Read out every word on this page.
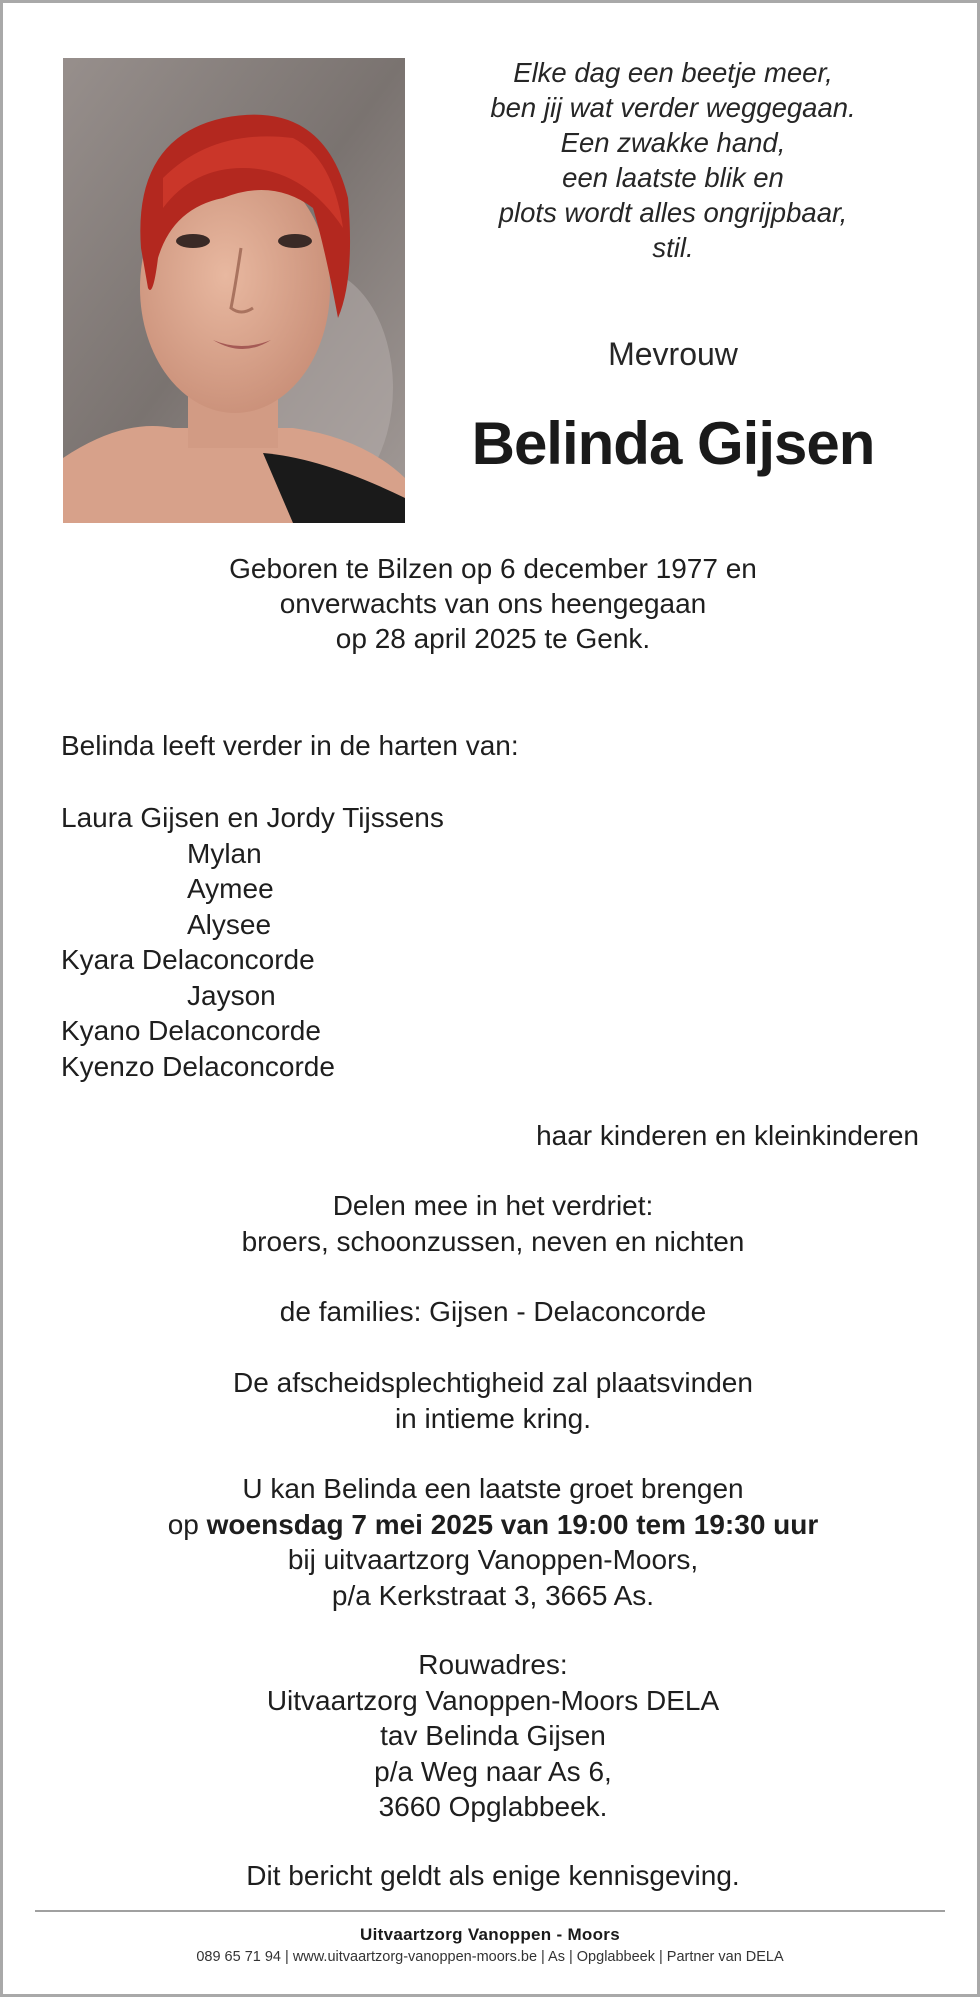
Elke dag een beetje meer,
ben jij wat verder weggegaan.
Een zwakke hand,
een laatste blik en
plots wordt alles ongrijpbaar,
stil.
Mevrouw
Belinda Gijsen
Geboren te Bilzen op 6 december 1977 en
onverwachts van ons heengegaan
op 28 april 2025 te Genk.
Belinda leeft verder in de harten van:
Laura Gijsen en Jordy Tijssens
Mylan
Aymee
Alysee
Kyara Delaconcorde
Jayson
Kyano Delaconcorde
Kyenzo Delaconcorde
haar kinderen en kleinkinderen
Delen mee in het verdriet:
broers, schoonzussen, neven en nichten
de families: Gijsen - Delaconcorde
De afscheidsplechtigheid zal plaatsvinden
in intieme kring.
U kan Belinda een laatste groet brengen
op woensdag 7 mei 2025 van 19:00 tem 19:30 uur
bij uitvaartzorg Vanoppen-Moors,
p/a Kerkstraat 3, 3665 As.
Rouwadres:
Uitvaartzorg Vanoppen-Moors DELA
tav Belinda Gijsen
p/a Weg naar As 6,
3660 Opglabbeek.
Dit bericht geldt als enige kennisgeving.
Uitvaartzorg Vanoppen - Moors
089 65 71 94 | www.uitvaartzorg-vanoppen-moors.be | As | Opglabbeek | Partner van DELA
